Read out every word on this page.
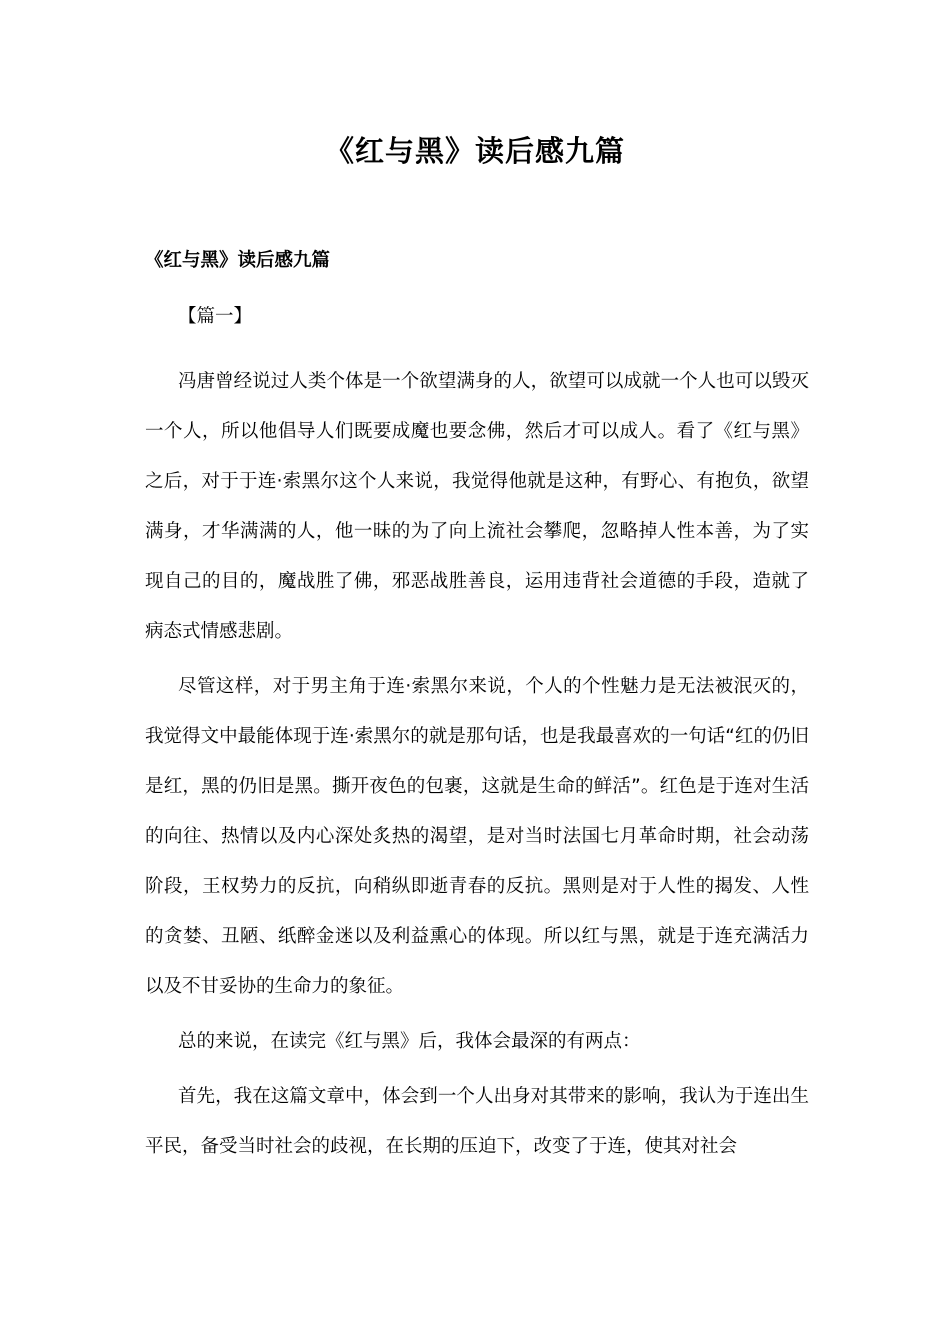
《红与黑》读后感九篇
《红与黑》读后感九篇
【篇一】

冯唐曾经说过人类个体是一个欲望满身的人，欲望可以成就一个人也可以毁灭一个人，所以他倡导人们既要成魔也要念佛，然后才可以成人。看了《红与黑》之后，对于于连·索黑尔这个人来说，我觉得他就是这种，有野心、有抱负，欲望满身，才华满满的人，他一昧的为了向上流社会攀爬，忽略掉人性本善，为了实现自己的目的，魔战胜了佛，邪恶战胜善良，运用违背社会道德的手段，造就了病态式情感悲剧。

尽管这样，对于男主角于连·索黑尔来说，个人的个性魅力是无法被泯灭的，我觉得文中最能体现于连·索黑尔的就是那句话，也是我最喜欢的一句话“红的仍旧是红，黑的仍旧是黑。撕开夜色的包裹，这就是生命的鲜活”。红色是于连对生活的向往、热情以及内心深处炙热的渴望，是对当时法国七月革命时期，社会动荡阶段，王权势力的反抗，向稍纵即逝青春的反抗。黑则是对于人性的揭发、人性的贪婪、丑陋、纸醉金迷以及利益熏心的体现。所以红与黑，就是于连充满活力以及不甘妥协的生命力的象征。

总的来说，在读完《红与黑》后，我体会最深的有两点：

首先，我在这篇文章中，体会到一个人出身对其带来的影响，我认为于连出生平民，备受当时社会的歧视，在长期的压迫下，改变了于连，使其对社会
